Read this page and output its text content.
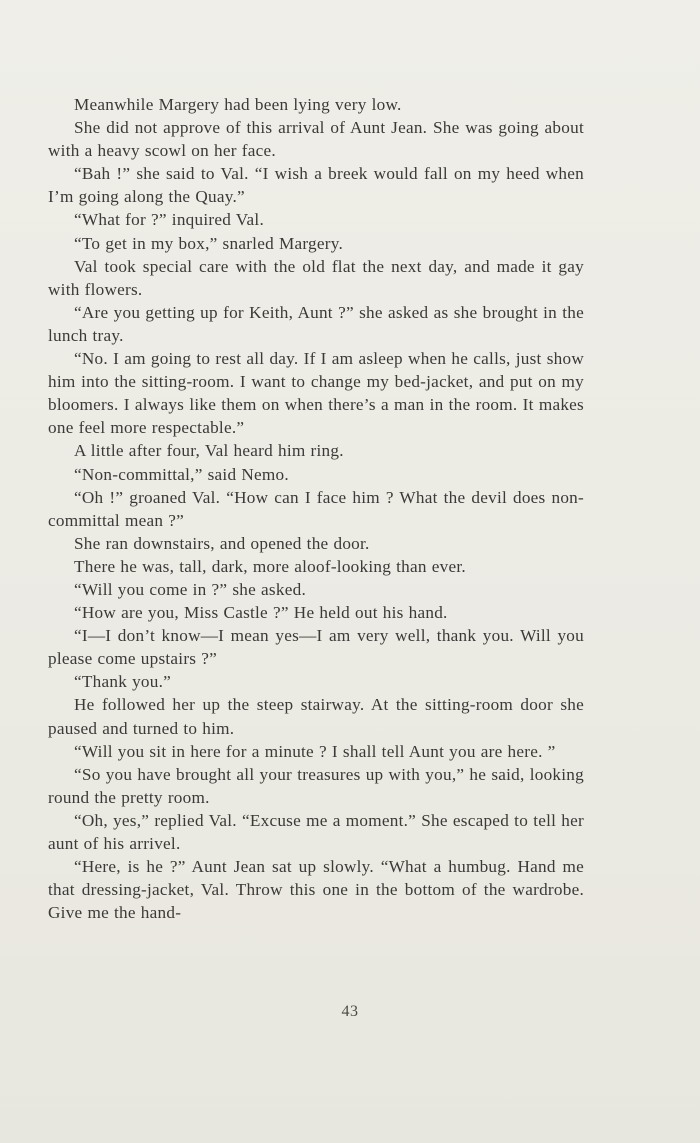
Meanwhile Margery had been lying very low.

She did not approve of this arrival of Aunt Jean. She was going about with a heavy scowl on her face.

“Bah !” she said to Val. “I wish a breek would fall on my heed when I’m going along the Quay.”

“What for ?” inquired Val.

“To get in my box,” snarled Margery.

Val took special care with the old flat the next day, and made it gay with flowers.

“Are you getting up for Keith, Aunt ?” she asked as she brought in the lunch tray.

“No. I am going to rest all day. If I am asleep when he calls, just show him into the sitting-room. I want to change my bed-jacket, and put on my bloomers. I always like them on when there’s a man in the room. It makes one feel more respectable.”

A little after four, Val heard him ring.

“Non-committal,” said Nemo.

“Oh !” groaned Val. “How can I face him ? What the devil does non-committal mean ?”

She ran downstairs, and opened the door.

There he was, tall, dark, more aloof-looking than ever.

“Will you come in ?” she asked.

“How are you, Miss Castle ?” He held out his hand.

“I—I don’t know—I mean yes—I am very well, thank you. Will you please come upstairs ?”

“Thank you.”

He followed her up the steep stairway. At the sitting-room door she paused and turned to him.

“Will you sit in here for a minute ? I shall tell Aunt you are here. ”

“So you have brought all your treasures up with you,” he said, looking round the pretty room.

“Oh, yes,” replied Val. “Excuse me a moment.” She escaped to tell her aunt of his arrivel.

“Here, is he ?” Aunt Jean sat up slowly. “What a humbug. Hand me that dressing-jacket, Val. Throw this one in the bottom of the wardrobe. Give me the hand-

43
